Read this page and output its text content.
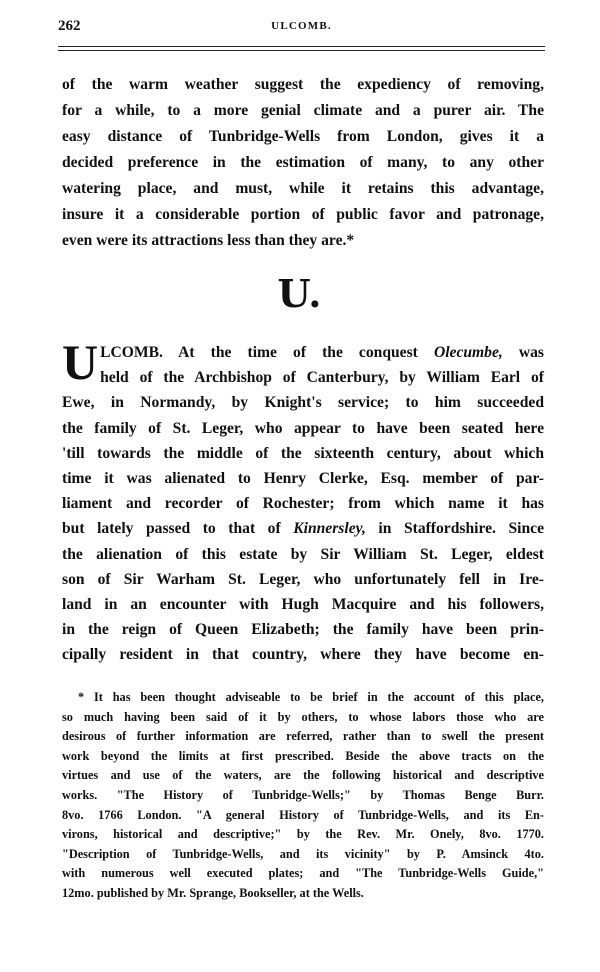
262	ULCOMB.
of the warm weather suggest the expediency of removing,
for a while, to a more genial climate and a purer air. The
easy distance of Tunbridge-Wells from London, gives it a
decided preference in the estimation of many, to any other
watering place, and must, while it retains this advantage,
insure it a considerable portion of public favor and patronage,
even were its attractions less than they are.*
U.
U LCOMB. At the time of the conquest Olecumbe, was
held of the Archbishop of Canterbury, by William Earl of
Ewe, in Normandy, by Knight's service; to him succeeded
the family of St. Leger, who appear to have been seated here
'till towards the middle of the sixteenth century, about which
time it was alienated to Henry Clerke, Esq. member of par-
liament and recorder of Rochester; from which name it has
but lately passed to that of Kinnersley, in Staffordshire. Since
the alienation of this estate by Sir William St. Leger, eldest
son of Sir Warham St. Leger, who unfortunately fell in Ire-
land in an encounter with Hugh Macquire and his followers,
in the reign of Queen Elizabeth; the family have been prin-
cipally resident in that country, where they have become en-
* It has been thought adviseable to be brief in the account of this place,
so much having been said of it by others, to whose labors those who are
desirous of further information are referred, rather than to swell the present
work beyond the limits at first prescribed. Beside the above tracts on the
virtues and use of the waters, are the following historical and descriptive
works. "The History of Tunbridge-Wells;" by Thomas Benge Burr.
8vo. 1766 London. "A general History of Tunbridge-Wells, and its En-
virons, historical and descriptive;" by the Rev. Mr. Onely, 8vo. 1770.
"Description of Tunbridge-Wells, and its vicinity" by P. Amsinck 4to.
with numerous well executed plates; and "The Tunbridge-Wells Guide,"
12mo. published by Mr. Sprange, Bookseller, at the Wells.
